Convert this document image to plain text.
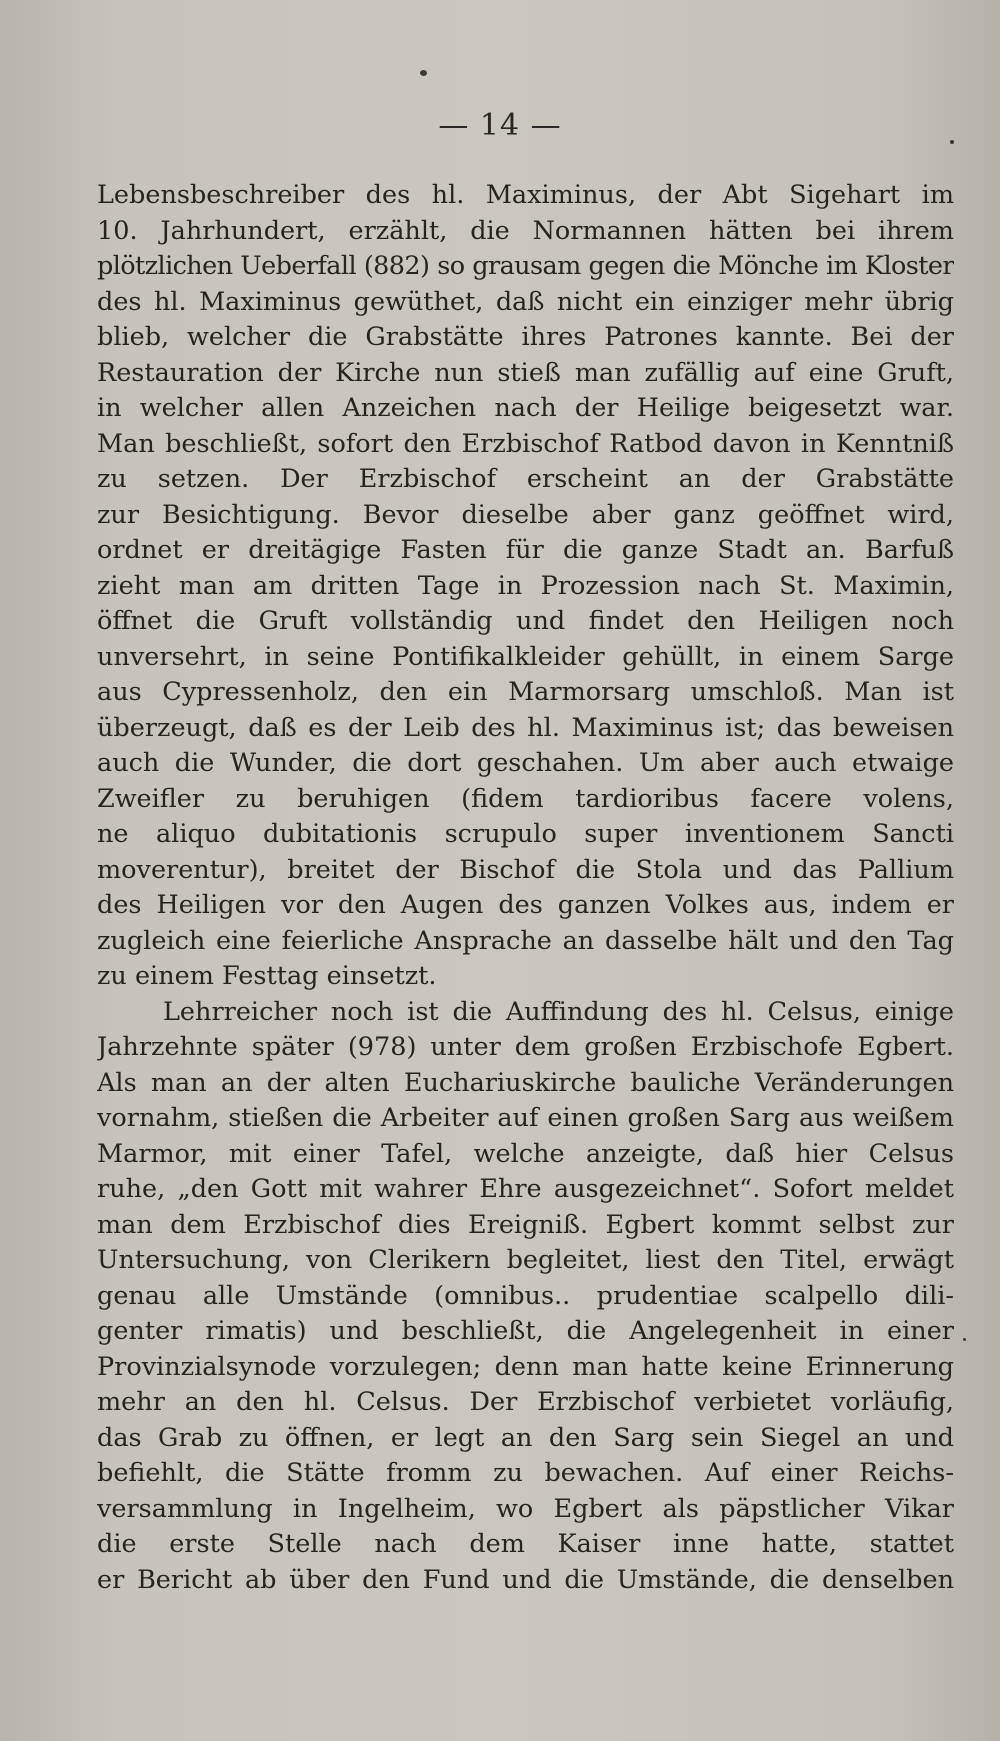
— 14 —
Lebensbeschreiber des hl. Maximinus, der Abt Sigehart im
10. Jahrhundert, erzählt, die Normannen hätten bei ihrem
plötzlichen Ueberfall (882) so grausam gegen die Mönche im Kloster
des hl. Maximinus gewüthet, daß nicht ein einziger mehr übrig
blieb, welcher die Grabstätte ihres Patrones kannte. Bei der
Restauration der Kirche nun stieß man zufällig auf eine Gruft,
in welcher allen Anzeichen nach der Heilige beigesetzt war.
Man beschließt, sofort den Erzbischof Ratbod davon in Kenntniß
zu setzen. Der Erzbischof erscheint an der Grabstätte
zur Besichtigung. Bevor dieselbe aber ganz geöffnet wird,
ordnet er dreitägige Fasten für die ganze Stadt an. Barfuß
zieht man am dritten Tage in Prozession nach St. Maximin,
öffnet die Gruft vollständig und findet den Heiligen noch
unversehrt, in seine Pontifikalkleider gehüllt, in einem Sarge
aus Cypressenholz, den ein Marmorsarg umschloß. Man ist
überzeugt, daß es der Leib des hl. Maximinus ist; das beweisen
auch die Wunder, die dort geschahen. Um aber auch etwaige
Zweifler zu beruhigen (fidem tardioribus facere volens,
ne aliquo dubitationis scrupulo super inventionem Sancti
moverentur), breitet der Bischof die Stola und das Pallium
des Heiligen vor den Augen des ganzen Volkes aus, indem er
zugleich eine feierliche Ansprache an dasselbe hält und den Tag
zu einem Festtag einsetzt.
Lehrreicher noch ist die Auffindung des hl. Celsus, einige
Jahrzehnte später (978) unter dem großen Erzbischofe Egbert.
Als man an der alten Euchariuskirche bauliche Veränderungen
vornahm, stießen die Arbeiter auf einen großen Sarg aus weißem
Marmor, mit einer Tafel, welche anzeigte, daß hier Celsus
ruhe, „den Gott mit wahrer Ehre ausgezeichnet“. Sofort meldet
man dem Erzbischof dies Ereigniß. Egbert kommt selbst zur
Untersuchung, von Clerikern begleitet, liest den Titel, erwägt
genau alle Umstände (omnibus.. prudentiae scalpello dili-
genter rimatis) und beschließt, die Angelegenheit in einer
Provinzialsynode vorzulegen; denn man hatte keine Erinnerung
mehr an den hl. Celsus. Der Erzbischof verbietet vorläufig,
das Grab zu öffnen, er legt an den Sarg sein Siegel an und
befiehlt, die Stätte fromm zu bewachen. Auf einer Reichs-
versammlung in Ingelheim, wo Egbert als päpstlicher Vikar
die erste Stelle nach dem Kaiser inne hatte, stattet
er Bericht ab über den Fund und die Umstände, die denselben
